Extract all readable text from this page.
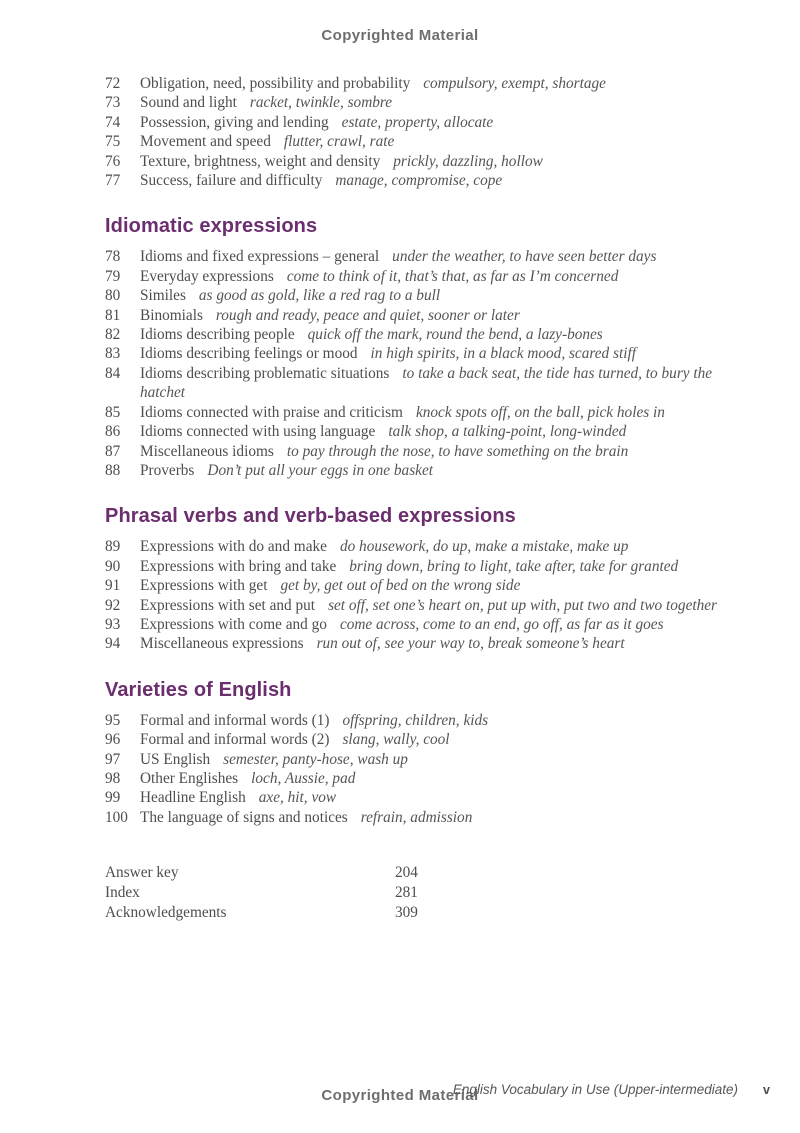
Copyrighted Material
72	Obligation, need, possibility and probability compulsory, exempt, shortage
73	Sound and light racket, twinkle, sombre
74	Possession, giving and lending estate, property, allocate
75	Movement and speed flutter, crawl, rate
76	Texture, brightness, weight and density prickly, dazzling, hollow
77	Success, failure and difficulty manage, compromise, cope
Idiomatic expressions
78	Idioms and fixed expressions – general under the weather, to have seen better days
79	Everyday expressions come to think of it, that’s that, as far as I’m concerned
80	Similes as good as gold, like a red rag to a bull
81	Binomials rough and ready, peace and quiet, sooner or later
82	Idioms describing people quick off the mark, round the bend, a lazy-bones
83	Idioms describing feelings or mood in high spirits, in a black mood, scared stiff
84	Idioms describing problematic situations to take a back seat, the tide has turned, to bury the hatchet
85	Idioms connected with praise and criticism knock spots off, on the ball, pick holes in
86	Idioms connected with using language talk shop, a talking-point, long-winded
87	Miscellaneous idioms to pay through the nose, to have something on the brain
88	Proverbs Don’t put all your eggs in one basket
Phrasal verbs and verb-based expressions
89	Expressions with do and make do housework, do up, make a mistake, make up
90	Expressions with bring and take bring down, bring to light, take after, take for granted
91	Expressions with get get by, get out of bed on the wrong side
92	Expressions with set and put set off, set one’s heart on, put up with, put two and two together
93	Expressions with come and go come across, come to an end, go off, as far as it goes
94	Miscellaneous expressions run out of, see your way to, break someone’s heart
Varieties of English
95	Formal and informal words (1) offspring, children, kids
96	Formal and informal words (2) slang, wally, cool
97	US English semester, panty-hose, wash up
98	Other Englishes loch, Aussie, pad
99	Headline English axe, hit, vow
100 The language of signs and notices refrain, admission
Answer key	204
Index	281
Acknowledgements	309
Copyrighted Material
English Vocabulary in Use (Upper-intermediate) v
